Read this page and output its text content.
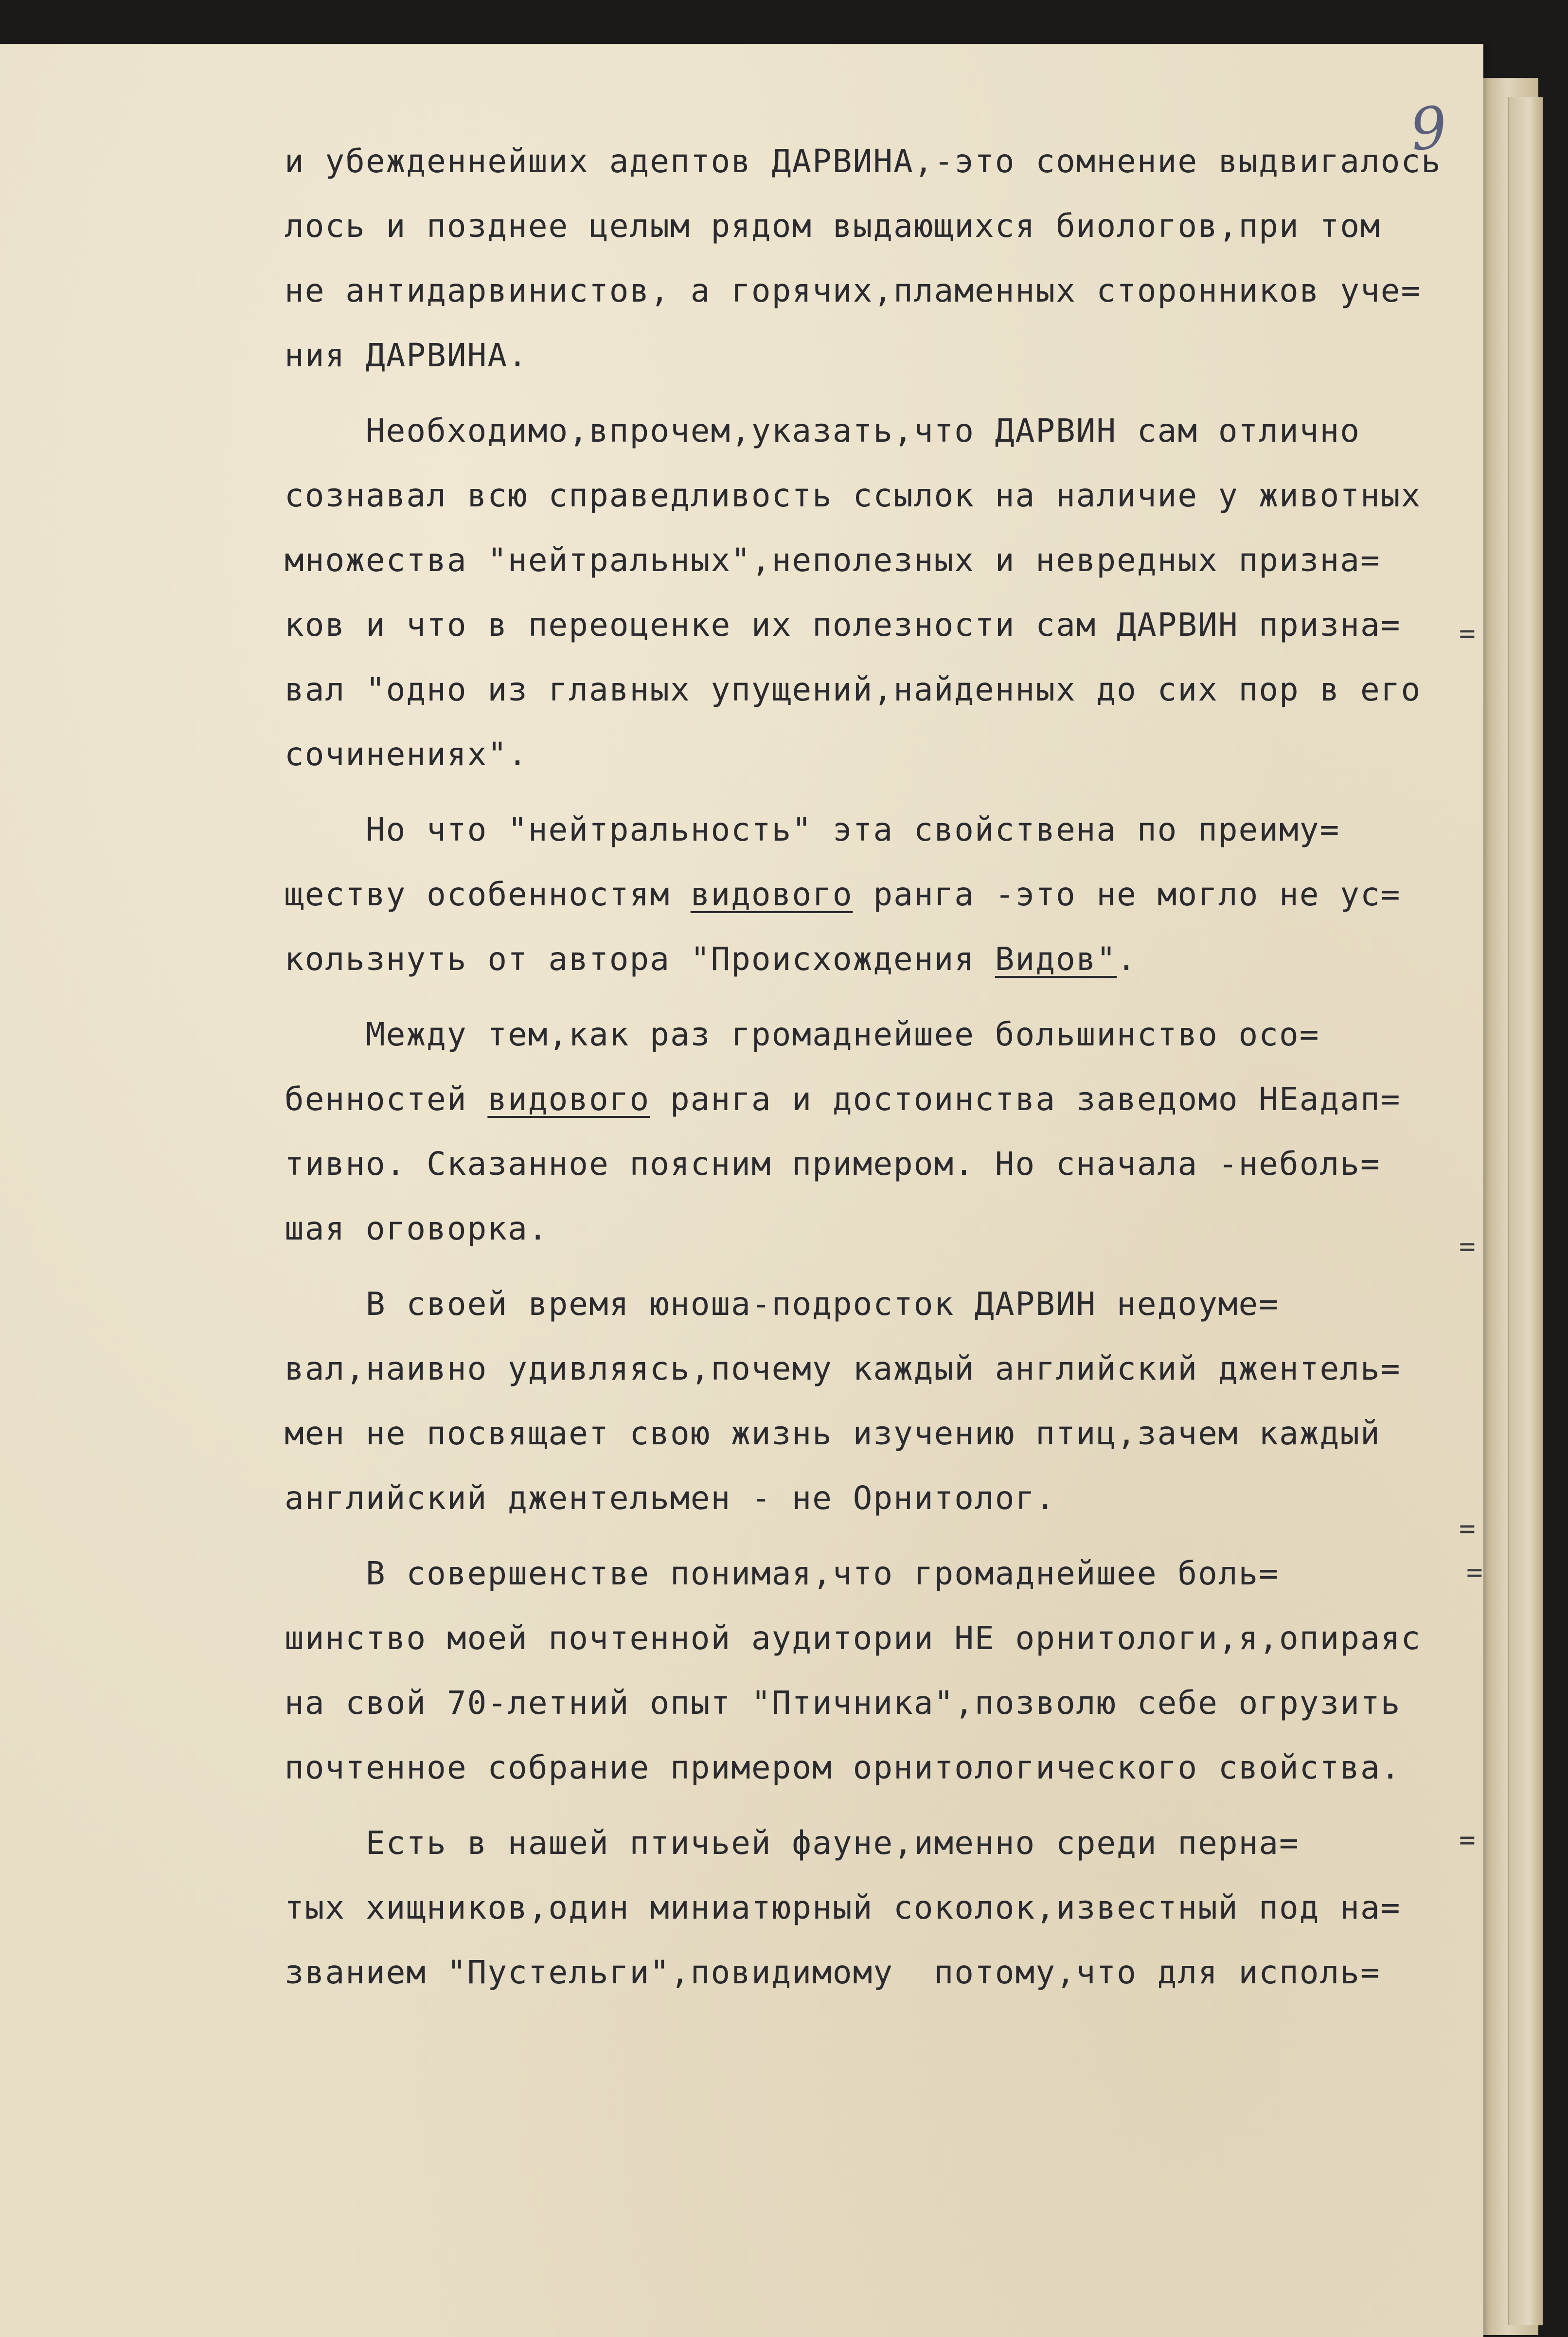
9
и убежденнейших адептов ДАРВИНА,-это сомнение выдвигалось
лось и позднее целым рядом выдающихся биологов,при том
не антидарвинистов, а горячих,пламенных сторонников уче=
ния ДАРВИНА.
Необходимо,впрочем,указать,что ДАРВИН сам отлично
сознавал всю справедливость ссылок на наличие у животных
множества "нейтральных",неполезных и невредных призна=
ков и что в переоценке их полезности сам ДАРВИН призна=
вал "одно из главных упущений,найденных до сих пор в его
сочинениях".
Но что "нейтральность" эта свойствена по преиму=
ществу особенностям видового ранга -это не могло не ус=
кользнуть от автора "Происхождения Видов".
Между тем,как раз громаднейшее большинство осо=
бенностей видового ранга и достоинства заведомо НЕадап=
тивно. Сказанное поясним примером. Но сначала -неболь=
шая оговорка.
В своей время юноша-подросток ДАРВИН недоуме=
вал,наивно удивляясь,почему каждый английский джентель=
мен не посвящает свою жизнь изучению птиц,зачем каждый
английский джентельмен - не Орнитолог.
В совершенстве понимая,что громаднейшее боль=
шинство моей почтенной аудитории НЕ орнитологи,я,опираяс
на свой 70-летний опыт "Птичника",позволю себе огрузить
почтенное собрание примером орнитологического свойства.
Есть в нашей птичьей фауне,именно среди перна=
тых хищников,один миниатюрный соколок,известный под на=
званием "Пустельги",повидимому  потому,что для исполь=
=
=
=
=
=
